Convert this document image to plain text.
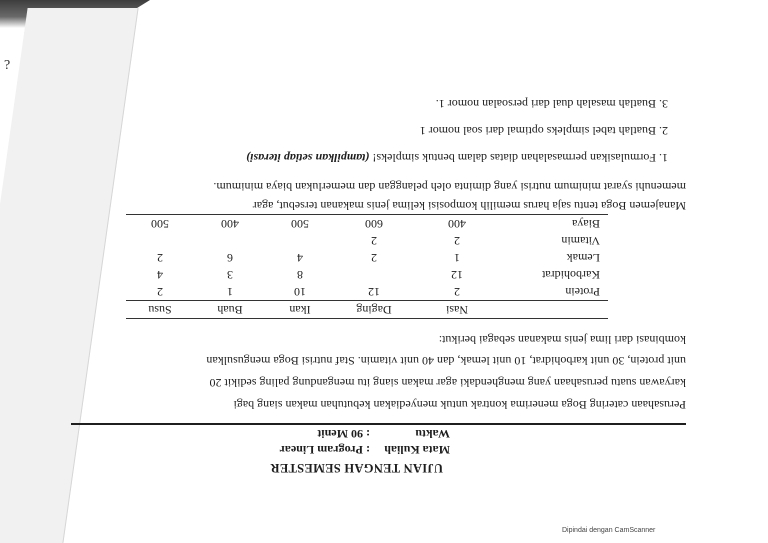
?
UJIAN TENGAH SEMESTER
Mata Kuliah
: Program Linear
Waktu
: 90 Menit
Perusahaan catering Boga menerima kontrak untuk menyediakan kebutuhan makan siang bagi
karyawan suatu perusahaan yang menghendaki agar makan siang itu mengandung paling sedikit 20
unit protein, 30 unit karbohidrat, 10 unit lemak, dan 40 unit vitamin. Staf nutrisi Boga mengusulkan
kombinasi dari lima jenis makanan sebagai berikut:
	Nasi	Daging	Ikan	Buah	Susu
Protein	2	12	10	1	2
Karbohidrat	12		8	3	4
Lemak	1	2	4	6	2
Vitamin	2	2			
Biaya	400	600	500	400	500
Manajemen Boga tentu saja harus memilih komposisi kelima jenis makanan tersebut, agar
memenuhi syarat minimum nutrisi yang diminta oleh pelanggan dan memerlukan biaya minimum.
1. Formulasikan permasalahan diatas dalam bentuk simpleks! (tampilkan setiap iterasi)
2. Buatlah tabel simpleks optimal dari soal nomor 1
3. Buatlah masalah dual dari persoalan nomor 1.
Dipindai dengan CamScanner
